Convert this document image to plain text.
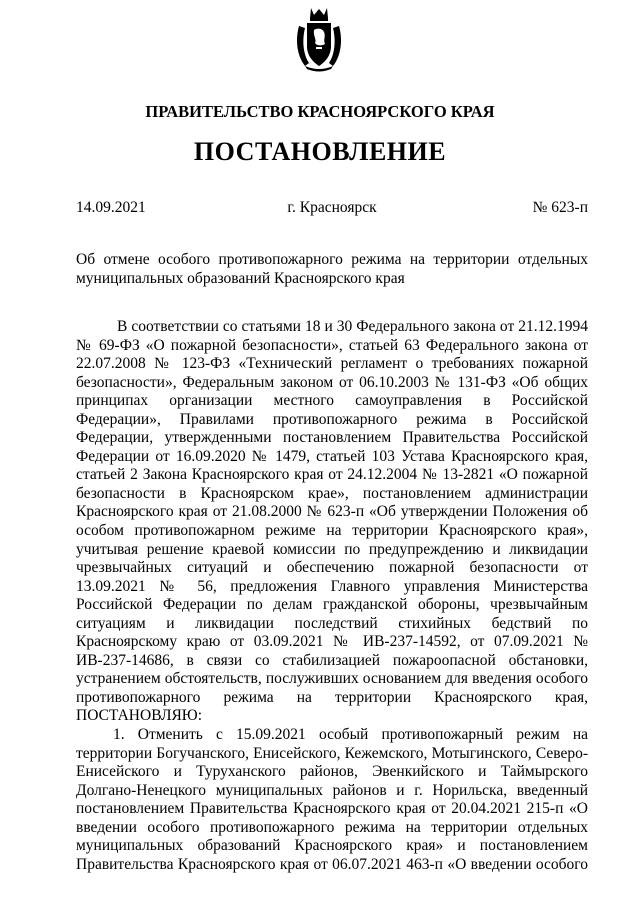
ПРАВИТЕЛЬСТВО КРАСНОЯРСКОГО КРАЯ
ПОСТАНОВЛЕНИЕ
14.09.2021	г. Красноярск	№ 623-п
Об отмене особого противопожарного режима на территории отдельных муниципальных образований Красноярского края

В соответствии со статьями 18 и 30 Федерального закона от 21.12.1994 № 69-ФЗ «О пожарной безопасности», статьей 63 Федерального закона от 22.07.2008 № 123-ФЗ «Технический регламент о требованиях пожарной безопасности», Федеральным законом от 06.10.2003 № 131-ФЗ «Об общих принципах организации местного самоуправления в Российской Федерации», Правилами противопожарного режима в Российской Федерации, утвержденными постановлением Правительства Российской Федерации от 16.09.2020 № 1479, статьей 103 Устава Красноярского края, статьей 2 Закона Красноярского края от 24.12.2004 № 13-2821 «О пожарной безопасности в Красноярском крае», постановлением администрации Красноярского края от 21.08.2000 № 623-п «Об утверждении Положения об особом противопожарном режиме на территории Красноярского края», учитывая решение краевой комиссии по предупреждению и ликвидации чрезвычайных ситуаций и обеспечению пожарной безопасности от 13.09.2021 № 56, предложения Главного управления Министерства Российской Федерации по делам гражданской обороны, чрезвычайным ситуациям и ликвидации последствий стихийных бедствий по Красноярскому краю от 03.09.2021 № ИВ-237-14592, от 07.09.2021 № ИВ-237-14686, в связи со стабилизацией пожароопасной обстановки, устранением обстоятельств, послуживших основанием для введения особого противопожарного режима на территории Красноярского края, ПОСТАНОВЛЯЮ:

1. Отменить с 15.09.2021 особый противопожарный режим на территории Богучанского, Енисейского, Кежемского, Мотыгинского, Северо-Енисейского и Туруханского районов, Эвенкийского и Таймырского Долгано-Ненецкого муниципальных районов и г. Норильска, введенный постановлением Правительства Красноярского края от 20.04.2021 215-п «О введении особого противопожарного режима на территории отдельных муниципальных образований Красноярского края» и постановлением Правительства Красноярского края от 06.07.2021 463-п «О введении особого
